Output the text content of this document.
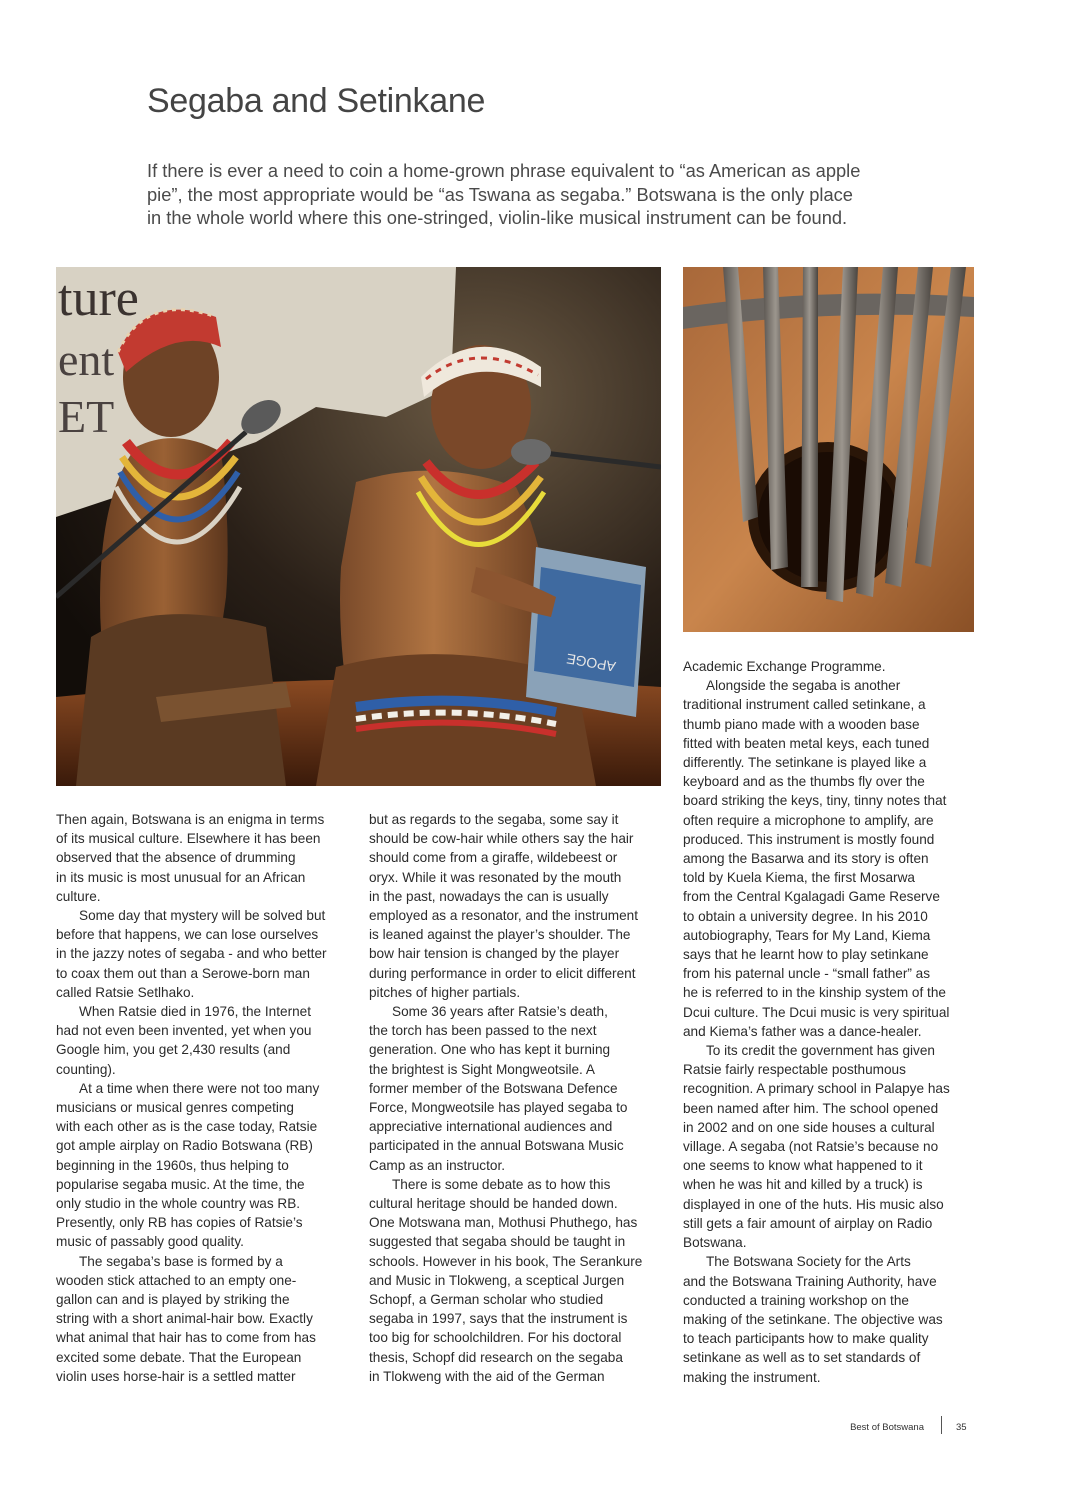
Segaba and Setinkane
If there is ever a need to coin a home-grown phrase equivalent to “as American as apple
pie”, the most appropriate would be “as Tswana as segaba.” Botswana is the only place
in the whole world where this one-stringed, violin-like musical instrument can be found.
ture
ent
ET
APOGE
Then again, Botswana is an enigma in terms
of its musical culture. Elsewhere it has been
observed that the absence of drumming
in its music is most unusual for an African
culture.
Some day that mystery will be solved but
before that happens, we can lose ourselves
in the jazzy notes of segaba - and who better
to coax them out than a Serowe-born man
called Ratsie Setlhako.
When Ratsie died in 1976, the Internet
had not even been invented, yet when you
Google him, you get 2,430 results (and
counting).
At a time when there were not too many
musicians or musical genres competing
with each other as is the case today, Ratsie
got ample airplay on Radio Botswana (RB)
beginning in the 1960s, thus helping to
popularise segaba music. At the time, the
only studio in the whole country was RB.
Presently, only RB has copies of Ratsie’s
music of passably good quality.
The segaba’s base is formed by a
wooden stick attached to an empty one-
gallon can and is played by striking the
string with a short animal-hair bow. Exactly
what animal that hair has to come from has
excited some debate. That the European
violin uses horse-hair is a settled matter
but as regards to the segaba, some say it
should be cow-hair while others say the hair
should come from a giraffe, wildebeest or
oryx. While it was resonated by the mouth
in the past, nowadays the can is usually
employed as a resonator, and the instrument
is leaned against the player’s shoulder. The
bow hair tension is changed by the player
during performance in order to elicit different
pitches of higher partials.
Some 36 years after Ratsie’s death,
the torch has been passed to the next
generation. One who has kept it burning
the brightest is Sight Mongweotsile. A
former member of the Botswana Defence
Force, Mongweotsile has played segaba to
appreciative international audiences and
participated in the annual Botswana Music
Camp as an instructor.
There is some debate as to how this
cultural heritage should be handed down.
One Motswana man, Mothusi Phuthego, has
suggested that segaba should be taught in
schools. However in his book, The Serankure
and Music in Tlokweng, a sceptical Jurgen
Schopf, a German scholar who studied
segaba in 1997, says that the instrument is
too big for schoolchildren. For his doctoral
thesis, Schopf did research on the segaba
in Tlokweng with the aid of the German
Academic Exchange Programme.
Alongside the segaba is another
traditional instrument called setinkane, a
thumb piano made with a wooden base
fitted with beaten metal keys, each tuned
differently. The setinkane is played like a
keyboard and as the thumbs fly over the
board striking the keys, tiny, tinny notes that
often require a microphone to amplify, are
produced. This instrument is mostly found
among the Basarwa and its story is often
told by Kuela Kiema, the first Mosarwa
from the Central Kgalagadi Game Reserve
to obtain a university degree. In his 2010
autobiography, Tears for My Land, Kiema
says that he learnt how to play setinkane
from his paternal uncle - “small father” as
he is referred to in the kinship system of the
Dcui culture. The Dcui music is very spiritual
and Kiema’s father was a dance-healer.
To its credit the government has given
Ratsie fairly respectable posthumous
recognition. A primary school in Palapye has
been named after him. The school opened
in 2002 and on one side houses a cultural
village. A segaba (not Ratsie’s because no
one seems to know what happened to it
when he was hit and killed by a truck) is
displayed in one of the huts. His music also
still gets a fair amount of airplay on Radio
Botswana.
The Botswana Society for the Arts
and the Botswana Training Authority, have
conducted a training workshop on the
making of the setinkane. The objective was
to teach participants how to make quality
setinkane as well as to set standards of
making the instrument.
Best of Botswana	35
